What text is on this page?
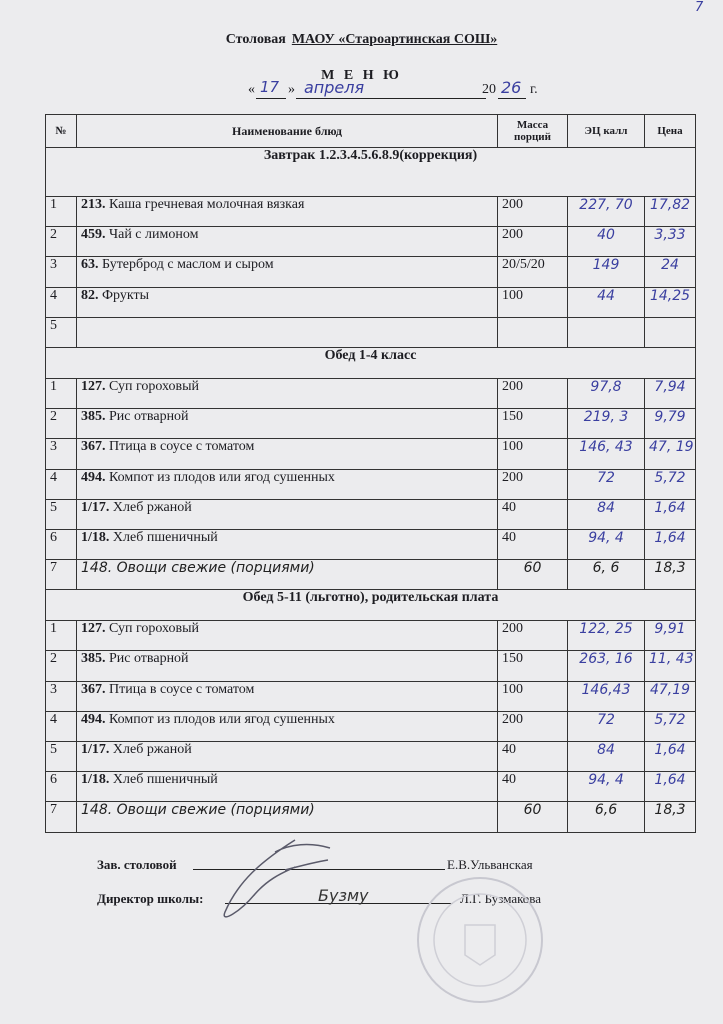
7
Столовая МАОУ «Староартинская СОШ»
М Е Н Ю
« 17 » апреля	20 26 г.
№	Наименование блюд	Масса порций	ЭЦ калл	Цена
Завтрак 1.2.3.4.5.6.8.9(коррекция)				
1	213. Каша гречневая молочная вязкая	200	227, 70	17,82
2	459. Чай с лимоном	200	40	3,33
3	63. Бутерброд с маслом и сыром	20/5/20	149	24
4	82. Фрукты	100	44	14,25
5				
Обед 1-4 класс				
1	127. Суп гороховый	200	97,8	7,94
2	385. Рис отварной	150	219, 3	9,79
3	367. Птица в соусе с томатом	100	146, 43	47, 19
4	494. Компот из плодов или ягод сушенных	200	72	5,72
5	1/17. Хлеб ржаной	40	84	1,64
6	1/18. Хлеб пшеничный	40	94, 4	1,64
7	148. Овощи свежие (порциями)	60	6, 6	18,3
Обед 5-11 (льготно), родительская плата				
1	127. Суп гороховый	200	122, 25	9,91
2	385. Рис отварной	150	263, 16	11, 43
3	367. Птица в соусе с томатом	100	146,43	47,19
4	494. Компот из плодов или ягод сушенных	200	72	5,72
5	1/17. Хлеб ржаной	40	84	1,64
6	1/18. Хлеб пшеничный	40	94, 4	1,64
7	148. Овощи свежие (порциями)	60	6,6	18,3
Зав. столовой	Е.В.Ульванская
Директор школы:	Л.Г. Бузмакова
Бузму
